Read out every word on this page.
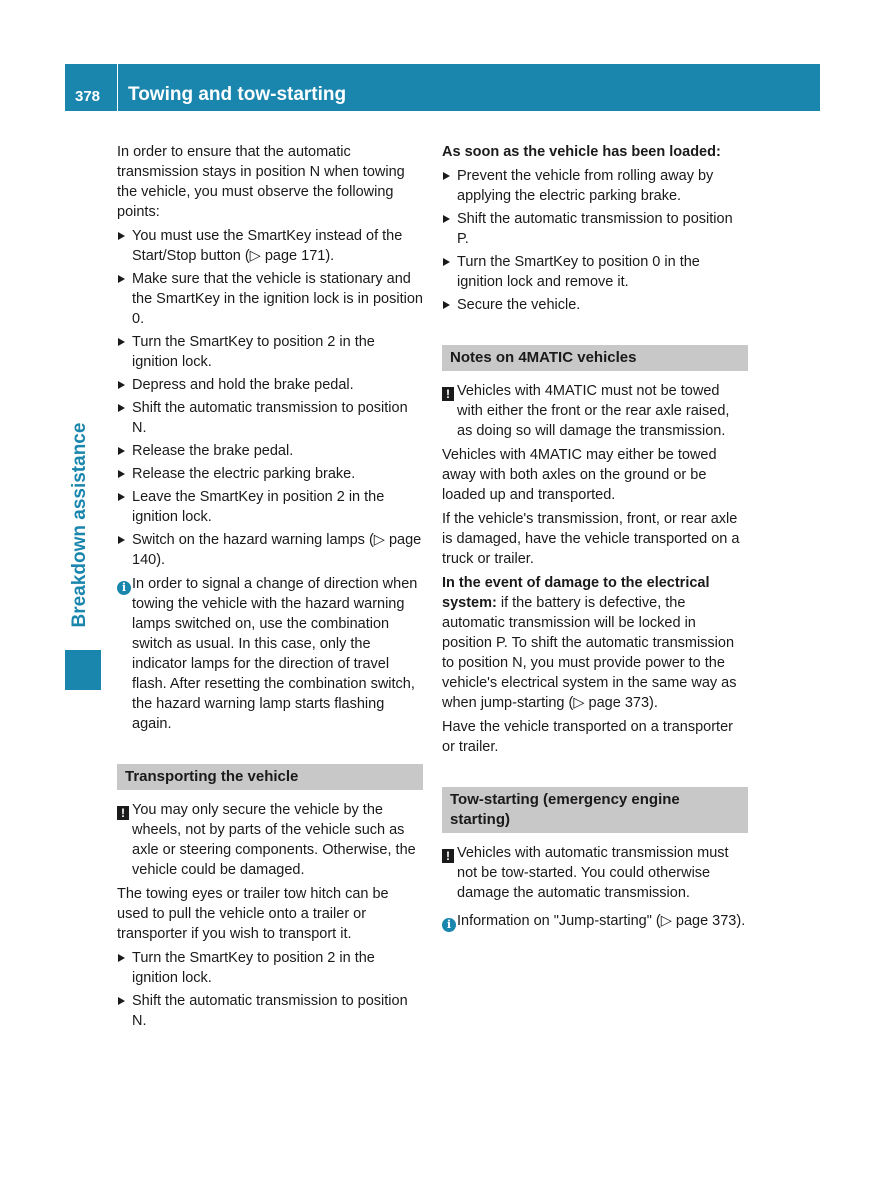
378	Towing and tow-starting
Breakdown assistance

In order to ensure that the automatic transmission stays in position N when towing the vehicle, you must observe the following points:

You must use the SmartKey instead of the Start/Stop button (▷ page 171).
Make sure that the vehicle is stationary and the SmartKey in the ignition lock is in position 0.
Turn the SmartKey to position 2 in the ignition lock.
Depress and hold the brake pedal.
Shift the automatic transmission to position N.
Release the brake pedal.
Release the electric parking brake.
Leave the SmartKey in position 2 in the ignition lock.
Switch on the hazard warning lamps (▷ page 140).
i In order to signal a change of direction when towing the vehicle with the hazard warning lamps switched on, use the combination switch as usual. In this case, only the indicator lamps for the direction of travel flash. After resetting the combination switch, the hazard warning lamp starts flashing again.
Transporting the vehicle
! You may only secure the vehicle by the wheels, not by parts of the vehicle such as axle or steering components. Otherwise, the vehicle could be damaged.

The towing eyes or trailer tow hitch can be used to pull the vehicle onto a trailer or transporter if you wish to transport it.

Turn the SmartKey to position 2 in the ignition lock.
Shift the automatic transmission to position N.

As soon as the vehicle has been loaded:

Prevent the vehicle from rolling away by applying the electric parking brake.
Shift the automatic transmission to position P.
Turn the SmartKey to position 0 in the ignition lock and remove it.
Secure the vehicle.
Notes on 4MATIC vehicles
! Vehicles with 4MATIC must not be towed with either the front or the rear axle raised, as doing so will damage the transmission.

Vehicles with 4MATIC may either be towed away with both axles on the ground or be loaded up and transported.

If the vehicle's transmission, front, or rear axle is damaged, have the vehicle transported on a truck or trailer.

In the event of damage to the electrical system: if the battery is defective, the automatic transmission will be locked in position P. To shift the automatic transmission to position N, you must provide power to the vehicle's electrical system in the same way as when jump-starting (▷ page 373).

Have the vehicle transported on a transporter or trailer.

Tow-starting (emergency engine starting)
! Vehicles with automatic transmission must not be tow-started. You could otherwise damage the automatic transmission.
i Information on "Jump-starting" (▷ page 373).
